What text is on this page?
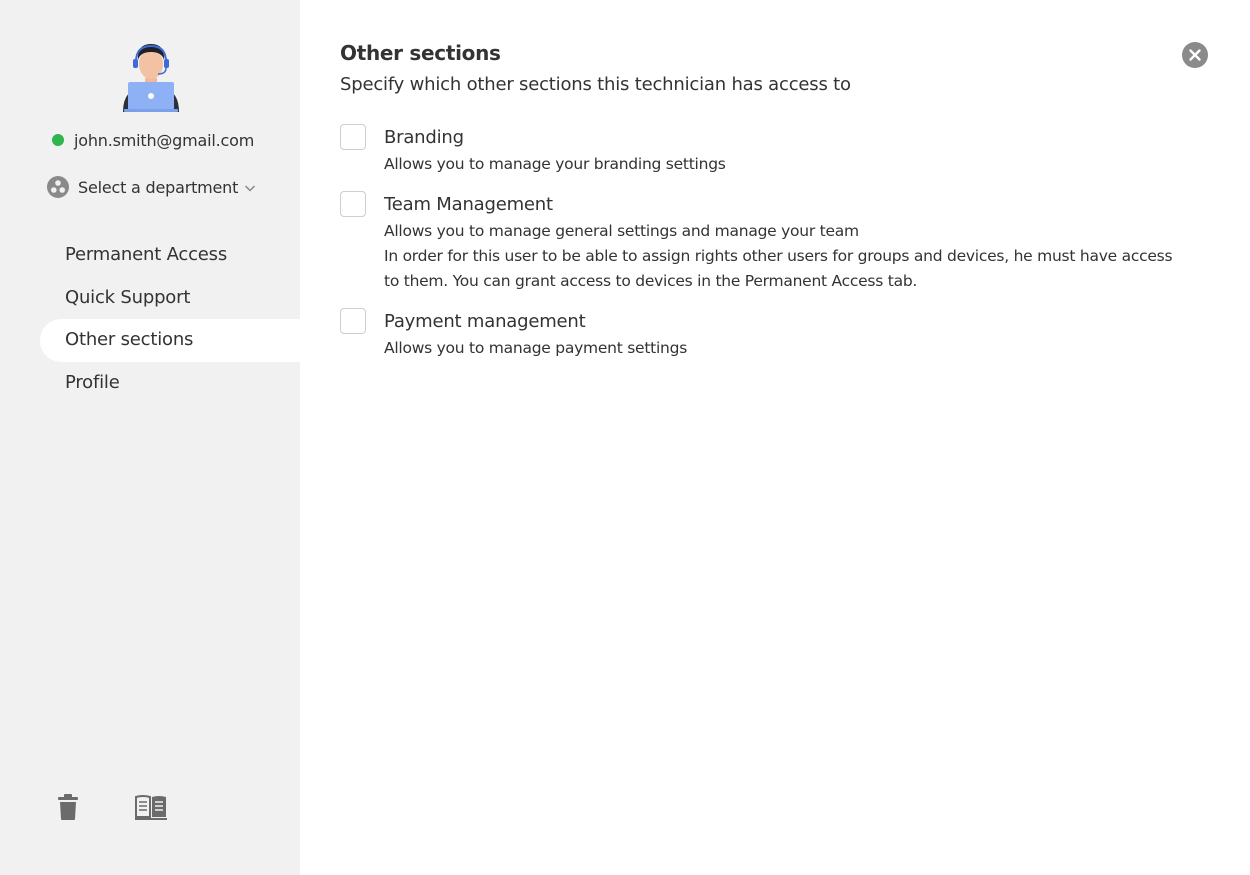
john.smith@gmail.com
Select a department
Permanent Access
Quick Support
Other sections
Profile
Other sections
Specify which other sections this technician has access to
Branding
Allows you to manage your branding settings
Team Management
Allows you to manage general settings and manage your team
In order for this user to be able to assign rights other users for groups and devices, he must have access to them. You can grant access to devices in the Permanent Access tab.
Payment management
Allows you to manage payment settings
